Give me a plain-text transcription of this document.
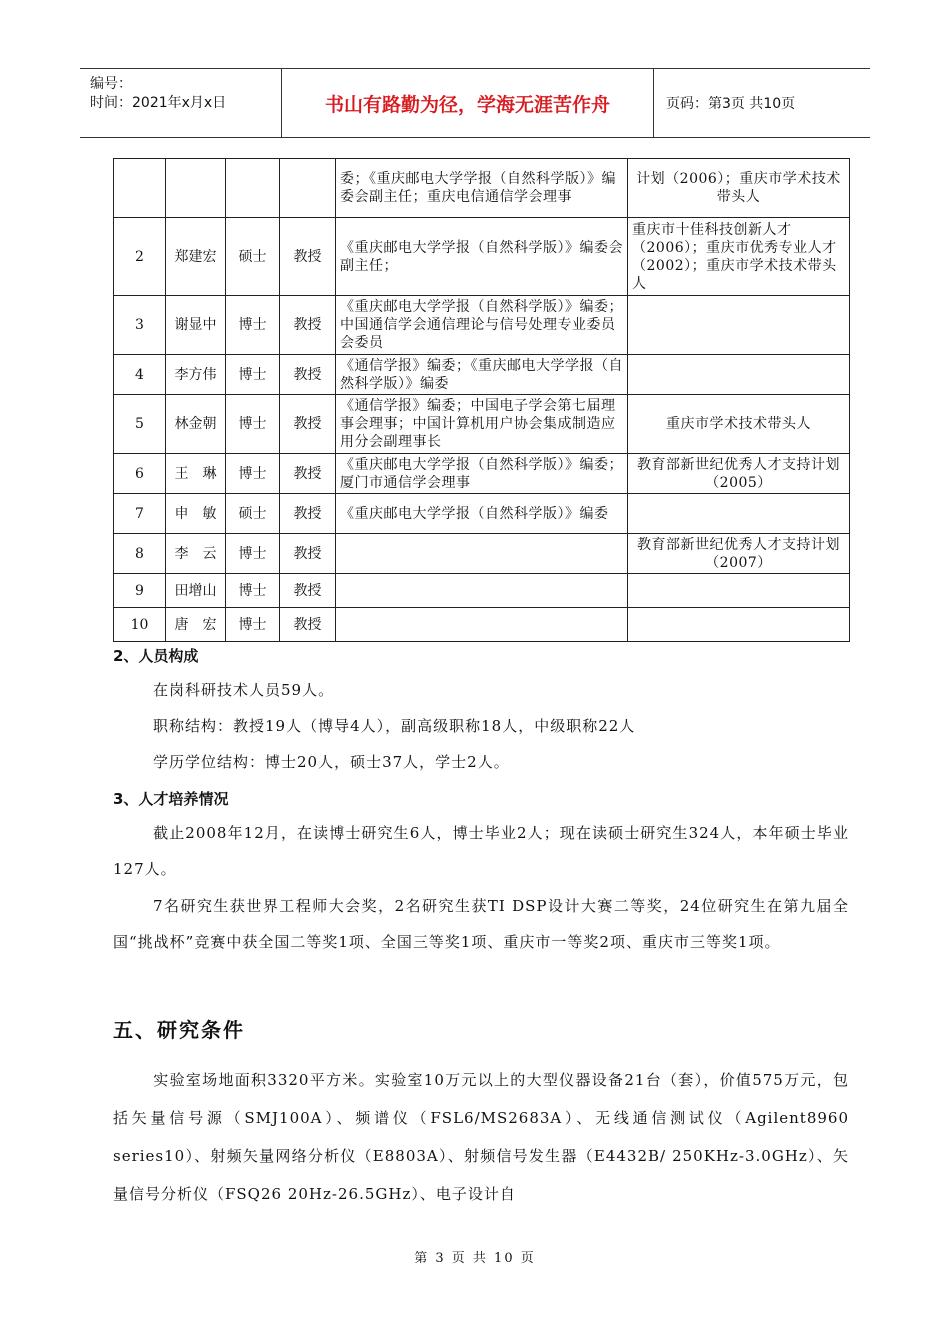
编号：
时间：2021年x月x日	书山有路勤为径，学海无涯苦作舟	页码：第3页 共10页
				委；《重庆邮电大学学报（自然科学版）》编委会副主任；重庆电信通信学会理事	计划（2006）；重庆市学术技术带头人
2	郑建宏	硕士	教授	《重庆邮电大学学报（自然科学版）》编委会副主任；	重庆市十佳科技创新人才（2006）；重庆市优秀专业人才（2002）；重庆市学术技术带头人
3	谢显中	博士	教授	《重庆邮电大学学报（自然科学版）》编委；中国通信学会通信理论与信号处理专业委员会委员	
4	李方伟	博士	教授	《通信学报》编委；《重庆邮电大学学报（自然科学版）》编委	
5	林金朝	博士	教授	《通信学报》编委；中国电子学会第七届理事会理事；中国计算机用户协会集成制造应用分会副理事长	重庆市学术技术带头人
6	王　琳	博士	教授	《重庆邮电大学学报（自然科学版）》编委；厦门市通信学会理事	教育部新世纪优秀人才支持计划（2005）
7	申　敏	硕士	教授	《重庆邮电大学学报（自然科学版）》编委	
8	李　云	博士	教授		教育部新世纪优秀人才支持计划（2007）
9	田增山	博士	教授		
10	唐　宏	博士	教授		
2、人员构成
在岗科研技术人员59人。
职称结构：教授19人（博导4人），副高级职称18人，中级职称22人
学历学位结构：博士20人，硕士37人，学士2人。
3、人才培养情况
截止2008年12月，在读博士研究生6人，博士毕业2人；现在读硕士研究生324人，本年硕士毕业127人。
7名研究生获世界工程师大会奖，2名研究生获TI DSP设计大赛二等奖，24位研究生在第九届全国“挑战杯”竞赛中获全国二等奖1项、全国三等奖1项、重庆市一等奖2项、重庆市三等奖1项。
五、研究条件
实验室场地面积3320平方米。实验室10万元以上的大型仪器设备21台（套），价值575万元，包括矢量信号源（SMJ100A）、频谱仪（FSL6/MS2683A）、无线通信测试仪（Agilent8960 series10）、射频矢量网络分析仪（E8803A）、射频信号发生器（E4432B/ 250KHz-3.0GHz）、矢量信号分析仪（FSQ26 20Hz-26.5GHz）、电子设计自
第 3 页 共 10 页
